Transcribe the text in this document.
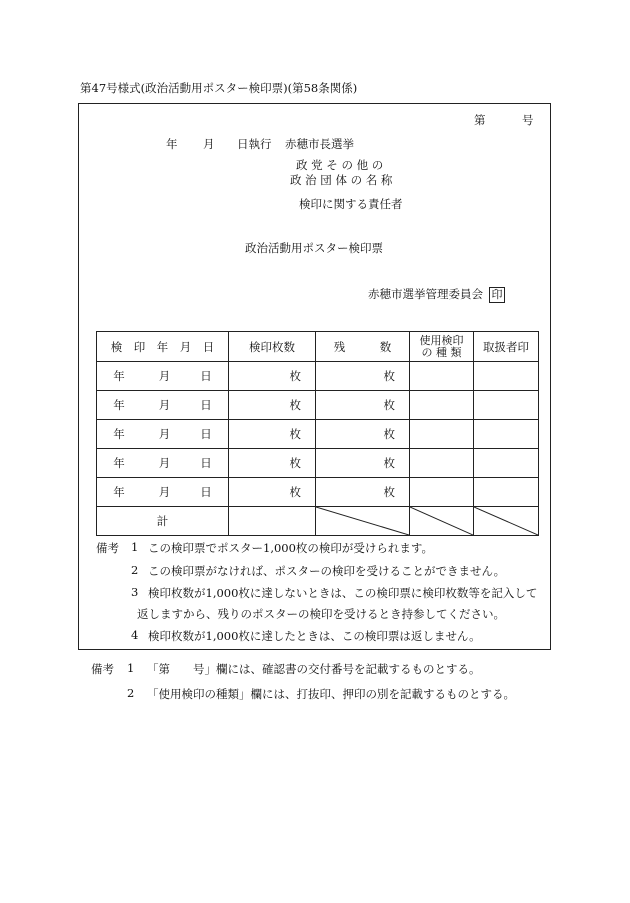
第47号様式(政治活動用ポスター検印票)(第58条関係)
第	号
年 月 日執行 赤穂市長選挙
政 党 そ の 他 の
政 治 団 体 の 名 称
検印に関する責任者
政治活動用ポスター検印票
赤穂市選挙管理委員会 印
検　印　年　月　日	検印枚数	残　　　数	使用検印
の 種 類	取扱者印
年 月 日	枚	枚		
年 月 日	枚	枚		
年 月 日	枚	枚		
年 月 日	枚	枚		
年 月 日	枚	枚		
計		

備考 1 この検印票でポスター1,000枚の検印が受けられます。
2 この検印票がなければ、ポスターの検印を受けることができません。
3 検印枚数が1,000枚に達しないときは、この検印票に検印枚数等を記入して
返しますから、残りのポスターの検印を受けるとき持参してください。
4 検印枚数が1,000枚に達したときは、この検印票は返しません。
備考 1 「第　　号」欄には、確認書の交付番号を記載するものとする。
2 「使用検印の種類」欄には、打抜印、押印の別を記載するものとする。
